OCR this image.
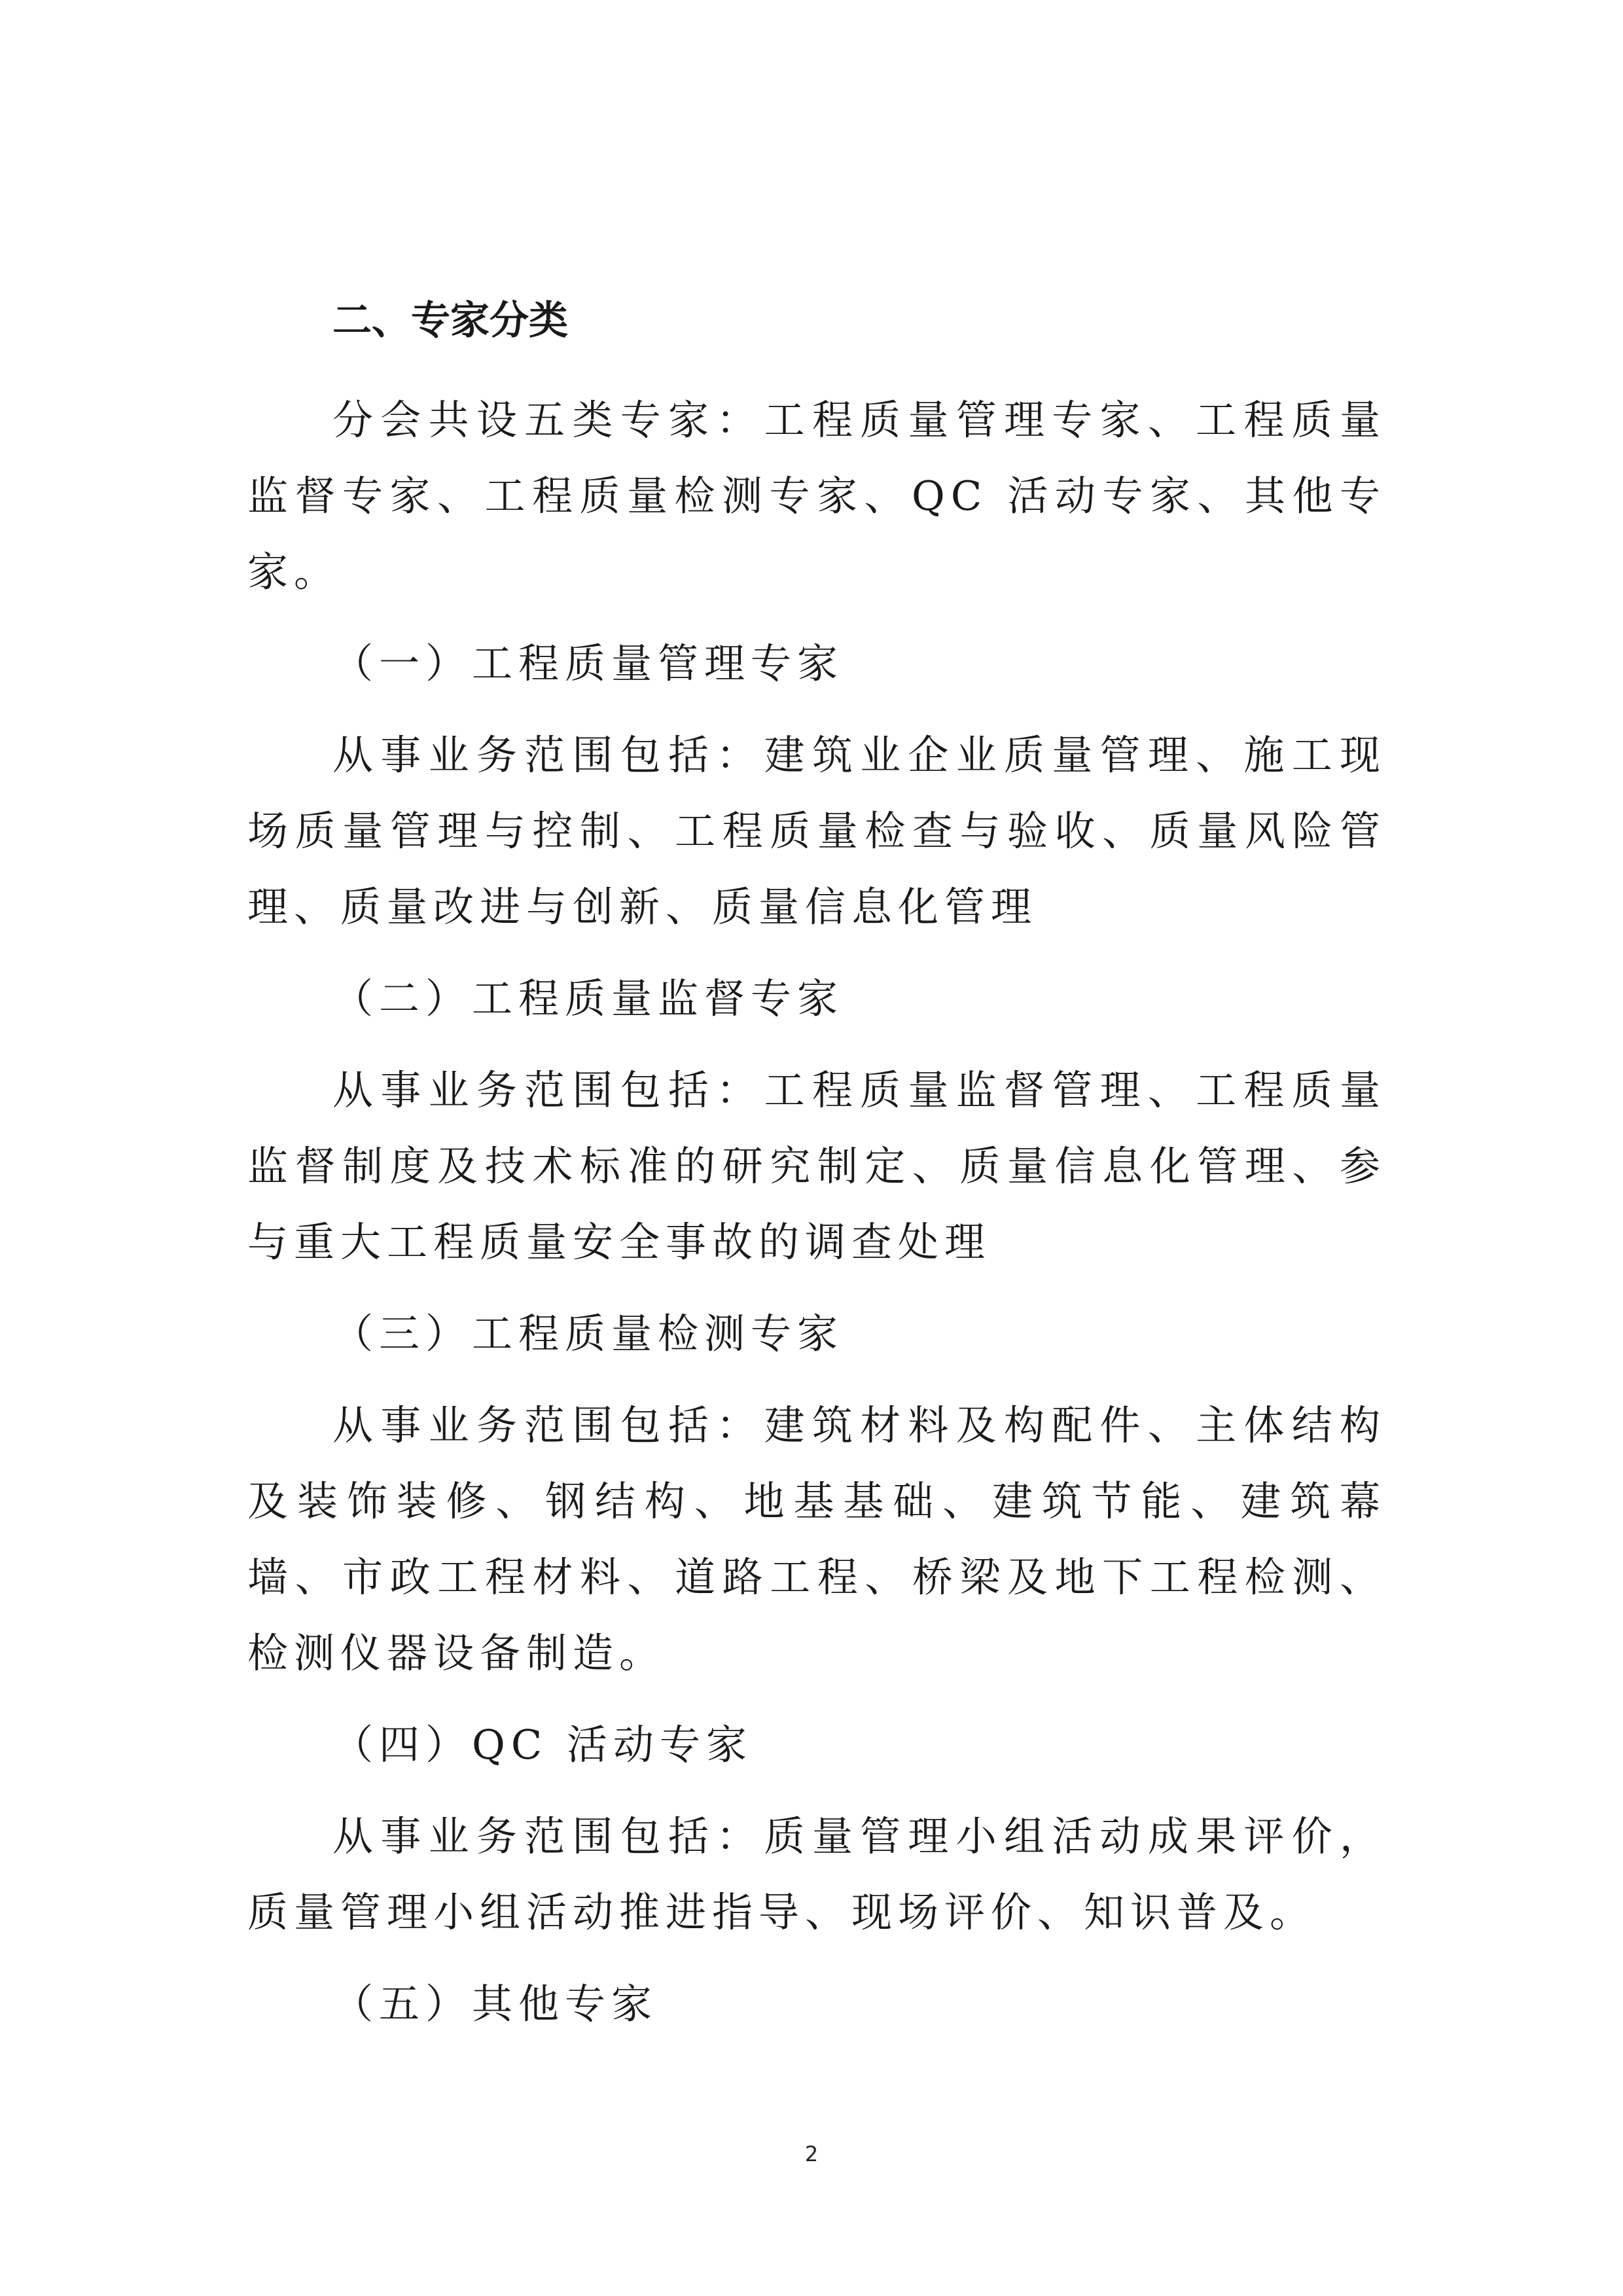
二、专家分类

分会共设五类专家：工程质量管理专家、工程质量监督专家、工程质量检测专家、QC 活动专家、其他专家。

（一）工程质量管理专家

从事业务范围包括：建筑业企业质量管理、施工现场质量管理与控制、工程质量检查与验收、质量风险管理、质量改进与创新、质量信息化管理

（二）工程质量监督专家

从事业务范围包括：工程质量监督管理、工程质量监督制度及技术标准的研究制定、质量信息化管理、参与重大工程质量安全事故的调查处理

（三）工程质量检测专家

从事业务范围包括：建筑材料及构配件、主体结构及装饰装修、钢结构、地基基础、建筑节能、建筑幕墙、市政工程材料、道路工程、桥梁及地下工程检测、检测仪器设备制造。

（四）QC 活动专家

从事业务范围包括：质量管理小组活动成果评价，质量管理小组活动推进指导、现场评价、知识普及。

（五）其他专家
2
